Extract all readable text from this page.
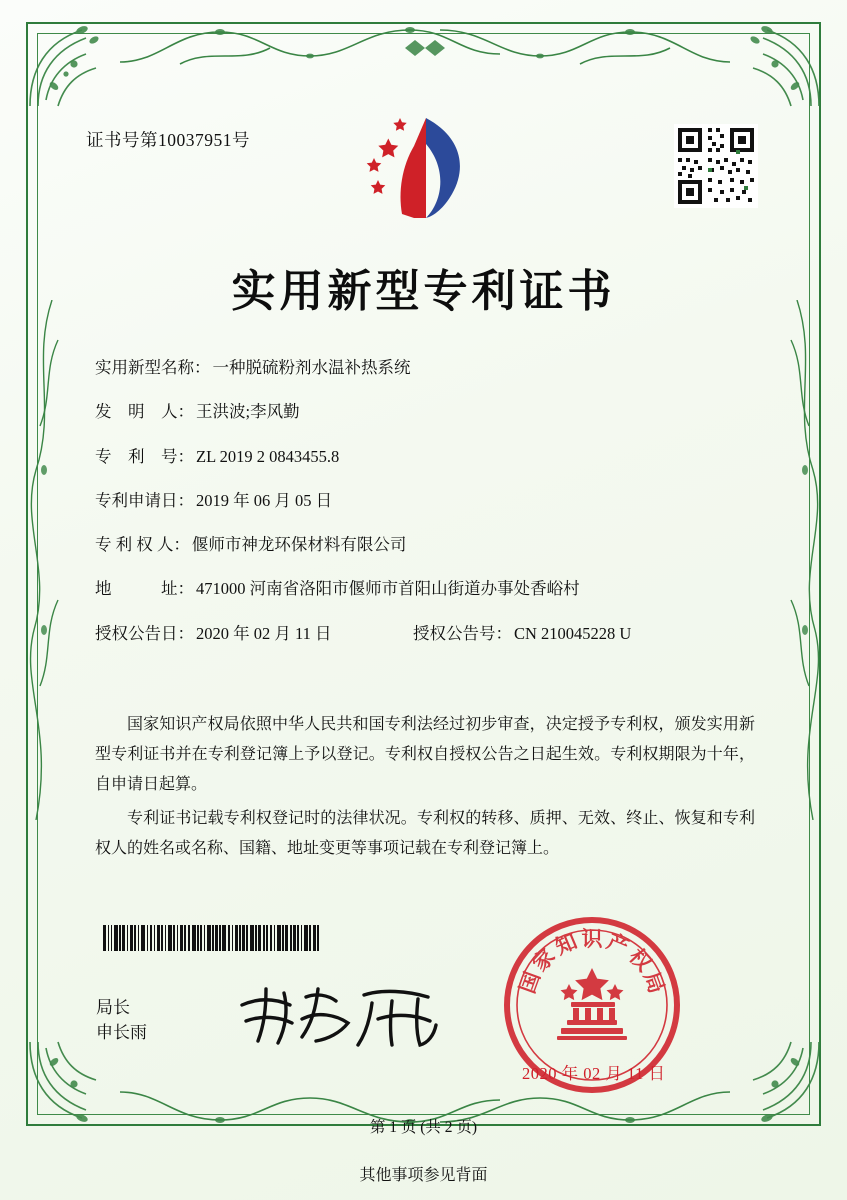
证书号第10037951号
实用新型专利证书
实用新型名称： 一种脱硫粉剂水温补热系统
发　明　人： 王洪波;李风勤
专　利　号： ZL 2019 2 0843455.8
专利申请日： 2019 年 06 月 05 日
专 利 权 人： 偃师市神龙环保材料有限公司
地　　　址： 471000 河南省洛阳市偃师市首阳山街道办事处香峪村
授权公告日： 2020 年 02 月 11 日	授权公告号： CN 210045228 U

国家知识产权局依照中华人民共和国专利法经过初步审查，决定授予专利权，颁发实用新型专利证书并在专利登记簿上予以登记。专利权自授权公告之日起生效。专利权期限为十年，自申请日起算。

专利证书记载专利权登记时的法律状况。专利权的转移、质押、无效、终止、恢复和专利权人的姓名或名称、国籍、地址变更等事项记载在专利登记簿上。

局长
申长雨
国
家
知 识 产
权
局
2020 年 02 月 11 日
第 1 页 (共 2 页)
其他事项参见背面
